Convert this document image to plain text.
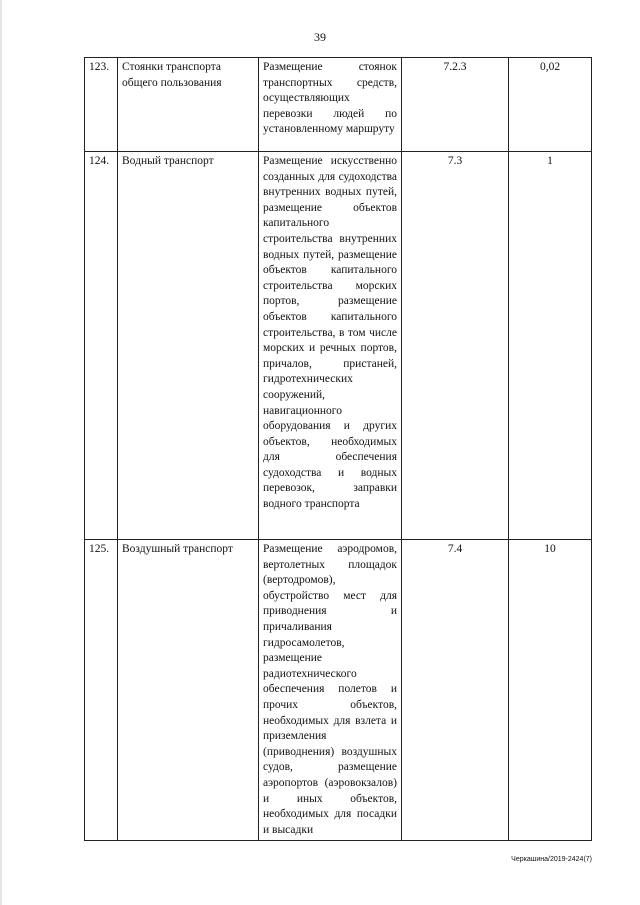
39
123.	Стоянки транспорта общего пользования	Размещение стоянок транспортных средств, осуществляющих перевозки людей по установленному маршруту	7.2.3	0,02
124.	Водный транспорт	Размещение искусственно созданных для судоходства внутренних водных путей, размещение объектов капитального строительства внутренних водных путей, размещение объектов капитального строительства морских портов, размещение объектов капитального строительства, в том числе морских и речных портов, причалов, пристаней, гидротехнических сооружений, навигационного оборудования и других объектов, необходимых для обеспечения судоходства и водных перевозок, заправки водного транспорта	7.3	1
125.	Воздушный транспорт	Размещение аэродромов, вертолетных площадок (вертодромов), обустройство мест для приводнения и причаливания гидросамолетов, размещение радиотехнического обеспечения полетов и прочих объектов, необходимых для взлета и приземления (приводнения) воздушных судов, размещение аэропортов (аэровокзалов) и иных объектов, необходимых для посадки и высадки	7.4	10
Черкашина/2019-2424(7)
